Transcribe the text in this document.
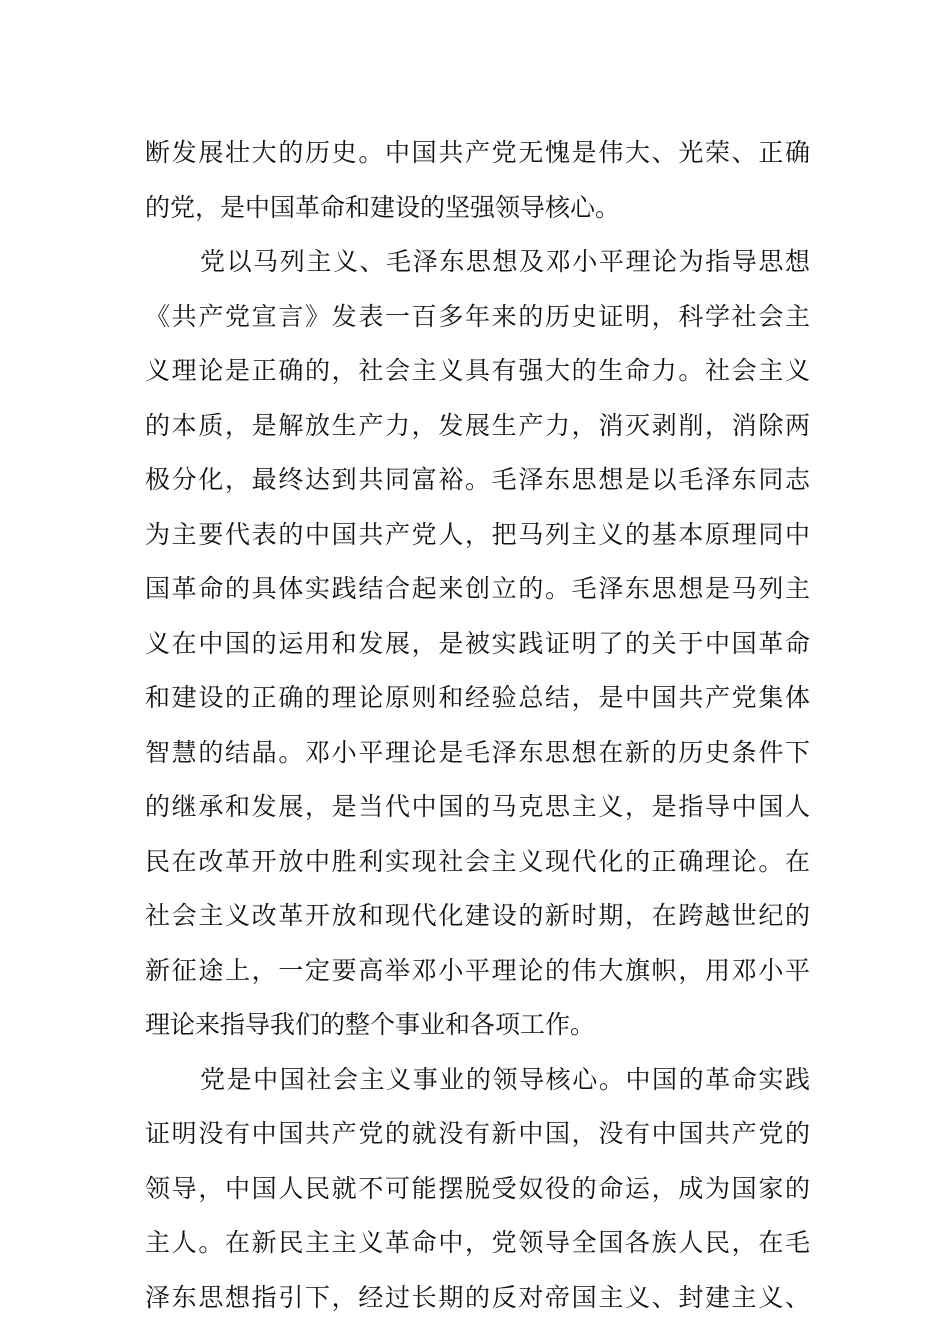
断发展壮大的历史。中国共产党无愧是伟大、光荣、正确
的党，是中国革命和建设的坚强领导核心。
党以马列主义、毛泽东思想及邓小平理论为指导思想
《共产党宣言》发表一百多年来的历史证明，科学社会主
义理论是正确的，社会主义具有强大的生命力。社会主义
的本质，是解放生产力，发展生产力，消灭剥削，消除两
极分化，最终达到共同富裕。毛泽东思想是以毛泽东同志
为主要代表的中国共产党人，把马列主义的基本原理同中
国革命的具体实践结合起来创立的。毛泽东思想是马列主
义在中国的运用和发展，是被实践证明了的关于中国革命
和建设的正确的理论原则和经验总结，是中国共产党集体
智慧的结晶。邓小平理论是毛泽东思想在新的历史条件下
的继承和发展，是当代中国的马克思主义，是指导中国人
民在改革开放中胜利实现社会主义现代化的正确理论。在
社会主义改革开放和现代化建设的新时期，在跨越世纪的
新征途上，一定要高举邓小平理论的伟大旗帜，用邓小平
理论来指导我们的整个事业和各项工作。
党是中国社会主义事业的领导核心。中国的革命实践
证明没有中国共产党的就没有新中国，没有中国共产党的
领导，中国人民就不可能摆脱受奴役的命运，成为国家的
主人。在新民主主义革命中，党领导全国各族人民，在毛
泽东思想指引下，经过长期的反对帝国主义、封建主义、
